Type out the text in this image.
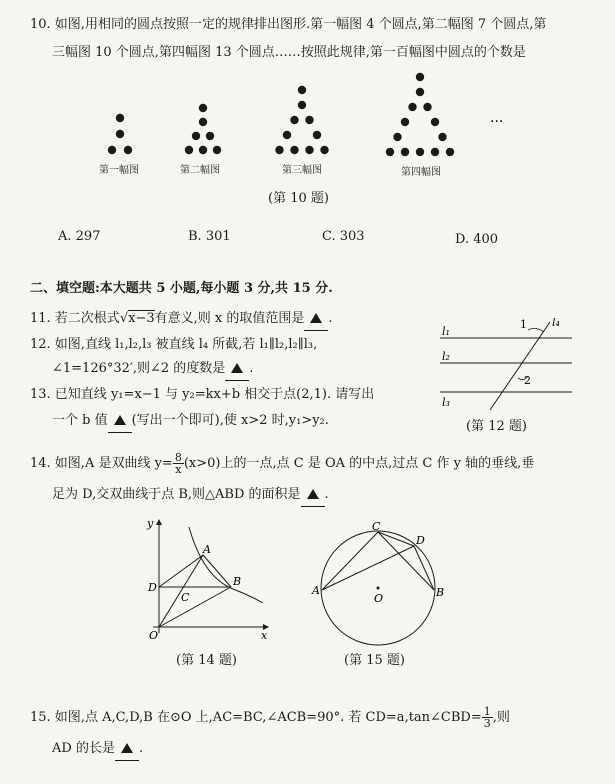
10. 如图,用相同的圆点按照一定的规律排出图形.第一幅图 4 个圆点,第二幅图 7 个圆点,第
三幅图 10 个圆点,第四幅图 13 个圆点……按照此规律,第一百幅图中圆点的个数是
···
第一幅图	第二幅图	第三幅图	第四幅图
(第 10 题)
A. 297	B. 301	C. 303	D. 400
二、填空题:本大题共 5 小题,每小题 3 分,共 15 分.
11. 若二次根式√x−3有意义,则 x 的取值范围是 .
12. 如图,直线 l₁,l₂,l₃ 被直线 l₄ 所截,若 l₁∥l₂,l₂∥l₃,
∠1=126°32′,则∠2 的度数是 .
1
2
l₁
l₂
l₃
l₄
(第 12 题)
13. 已知直线 y₁=x−1 与 y₂=kx+b 相交于点(2,1). 请写出
一个 b 值 (写出一个即可),使 x>2 时,y₁>y₂.
14. 如图,A 是双曲线 $y= \frac{8}{x} (x>0)$上的一点,点 C 是 OA 的中点,过点 C 作 y 轴的垂线,垂
足为 D,交双曲线于点 B,则△ABD 的面积是 .
y
x
O
A
B
C
D
(第 14 题)
A	B
C
D
O
(第 15 题)
15. 如图,点 A,C,D,B 在⊙O 上,AC=BC,∠ACB=90°. 若 CD=a,tan∠CBD= $\frac{1}{3}$ ,则
AD 的长是 .
